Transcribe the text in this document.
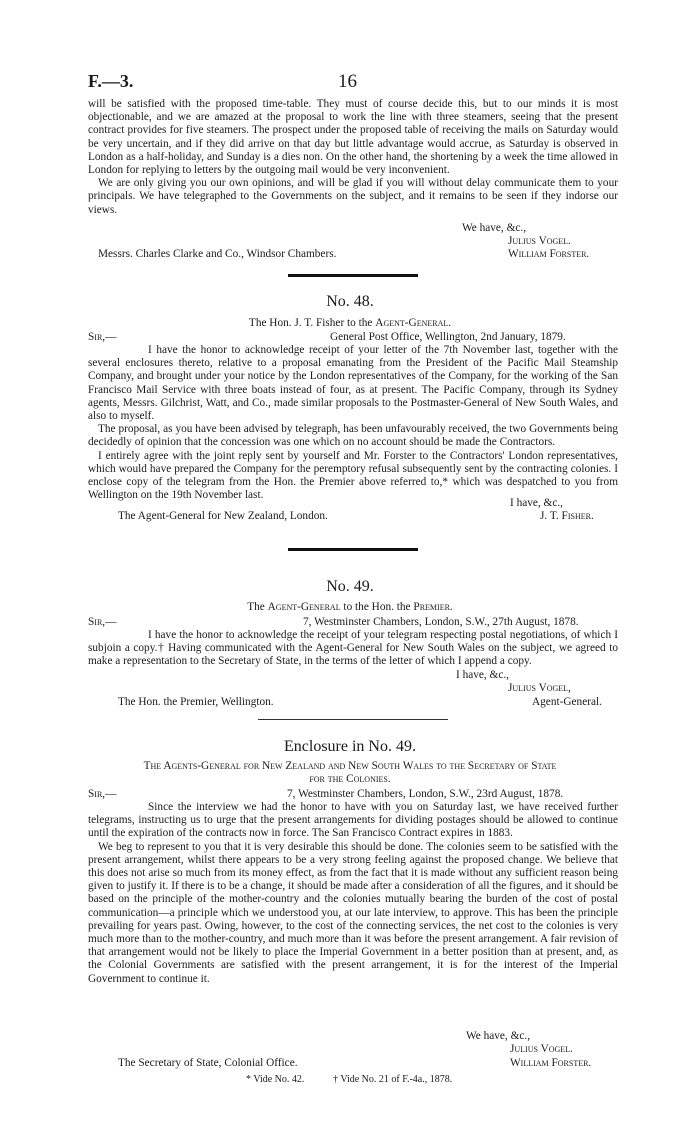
F.—3.	16

will be satisfied with the proposed time-table. They must of course decide this, but to our minds it is most objectionable, and we are amazed at the proposal to work the line with three steamers, seeing that the present contract provides for five steamers. The prospect under the proposed table of receiving the mails on Saturday would be very uncertain, and if they did arrive on that day but little advantage would accrue, as Saturday is observed in London as a half-holiday, and Sunday is a dies non. On the other hand, the shortening by a week the time allowed in London for replying to letters by the outgoing mail would be very inconvenient.

We are only giving you our own opinions, and will be glad if you will without delay communicate them to your principals. We have telegraphed to the Governments on the subject, and it remains to be seen if they indorse our views.

We have, &c.,
Julius Vogel.
Messrs. Charles Clarke and Co., Windsor Chambers.	William Forster.
No. 48.
The Hon. J. T. Fisher to the Agent-General.
Sir,—	General Post Office, Wellington, 2nd January, 1879.

I have the honor to acknowledge receipt of your letter of the 7th November last, together with the several enclosures thereto, relative to a proposal emanating from the President of the Pacific Mail Steamship Company, and brought under your notice by the London representatives of the Company, for the working of the San Francisco Mail Service with three boats instead of four, as at present. The Pacific Company, through its Sydney agents, Messrs. Gilchrist, Watt, and Co., made similar proposals to the Postmaster-General of New South Wales, and also to myself.

The proposal, as you have been advised by telegraph, has been unfavourably received, the two Governments being decidedly of opinion that the concession was one which on no account should be made the Contractors.

I entirely agree with the joint reply sent by yourself and Mr. Forster to the Contractors' London representatives, which would have prepared the Company for the peremptory refusal subsequently sent by the contracting colonies. I enclose copy of the telegram from the Hon. the Premier above referred to,* which was despatched to you from Wellington on the 19th November last.

I have, &c.,
The Agent-General for New Zealand, London.	J. T. Fisher.
No. 49.
The Agent-General to the Hon. the Premier.
Sir,—	7, Westminster Chambers, London, S.W., 27th August, 1878.

I have the honor to acknowledge the receipt of your telegram respecting postal negotiations, of which I subjoin a copy.† Having communicated with the Agent-General for New South Wales on the subject, we agreed to make a representation to the Secretary of State, in the terms of the letter of which I append a copy.

I have, &c.,
Julius Vogel,
The Hon. the Premier, Wellington.	Agent-General.
Enclosure in No. 49.
The Agents-General for New Zealand and New South Wales to the Secretary of State
for the Colonies.
Sir,—	7, Westminster Chambers, London, S.W., 23rd August, 1878.

Since the interview we had the honor to have with you on Saturday last, we have received further telegrams, instructing us to urge that the present arrangements for dividing postages should be allowed to continue until the expiration of the contracts now in force. The San Francisco Contract expires in 1883.

We beg to represent to you that it is very desirable this should be done. The colonies seem to be satisfied with the present arrangement, whilst there appears to be a very strong feeling against the proposed change. We believe that this does not arise so much from its money effect, as from the fact that it is made without any sufficient reason being given to justify it. If there is to be a change, it should be made after a consideration of all the figures, and it should be based on the principle of the mother-country and the colonies mutually bearing the burden of the cost of postal communication—a principle which we understood you, at our late interview, to approve. This has been the principle prevailing for years past. Owing, however, to the cost of the connecting services, the net cost to the colonies is very much more than to the mother-country, and much more than it was before the present arrangement. A fair revision of that arrangement would not be likely to place the Imperial Government in a better position than at present, and, as the Colonial Governments are satisfied with the present arrangement, it is for the interest of the Imperial Government to continue it.

We have, &c.,
Julius Vogel.
The Secretary of State, Colonial Office.	William Forster.
* Vide No. 42.	† Vide No. 21 of F.-4a., 1878.
